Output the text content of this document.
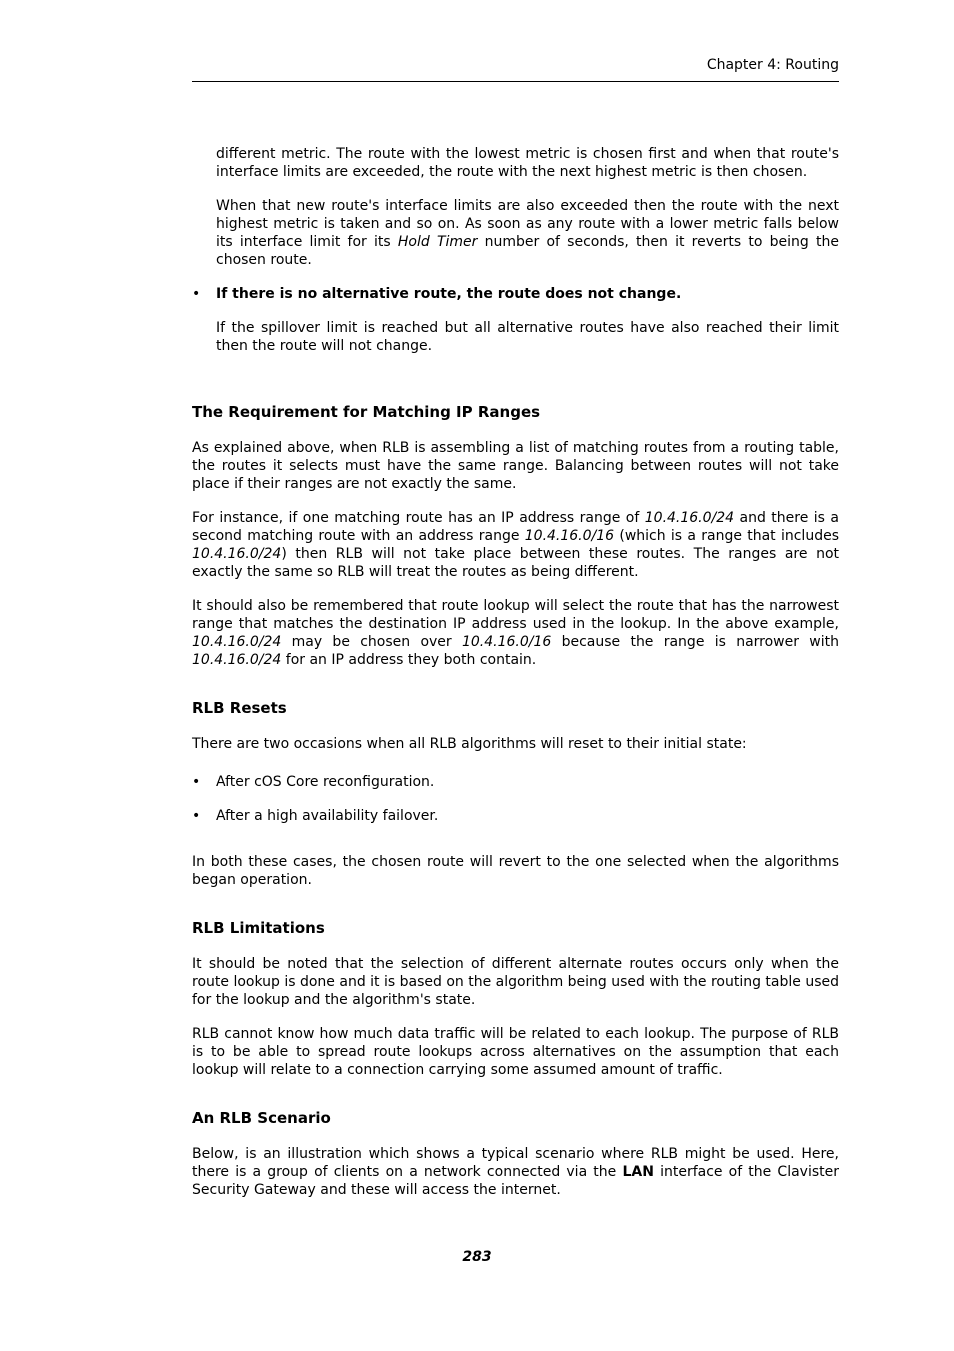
Chapter 4: Routing

different metric. The route with the lowest metric is chosen first and when that route's interface limits are exceeded, the route with the next highest metric is then chosen.

When that new route's interface limits are also exceeded then the route with the next highest metric is taken and so on. As soon as any route with a lower metric falls below its interface limit for its Hold Timer number of seconds, then it reverts to being the chosen route.

• If there is no alternative route, the route does not change.

If the spillover limit is reached but all alternative routes have also reached their limit then the route will not change.

The Requirement for Matching IP Ranges

As explained above, when RLB is assembling a list of matching routes from a routing table, the routes it selects must have the same range. Balancing between routes will not take place if their ranges are not exactly the same.

For instance, if one matching route has an IP address range of 10.4.16.0/24 and there is a second matching route with an address range 10.4.16.0/16 (which is a range that includes 10.4.16.0/24) then RLB will not take place between these routes. The ranges are not exactly the same so RLB will treat the routes as being different.

It should also be remembered that route lookup will select the route that has the narrowest range that matches the destination IP address used in the lookup. In the above example, 10.4.16.0/24 may be chosen over 10.4.16.0/16 because the range is narrower with 10.4.16.0/24 for an IP address they both contain.

RLB Resets

There are two occasions when all RLB algorithms will reset to their initial state:

• After cOS Core reconfiguration.
• After a high availability failover.

In both these cases, the chosen route will revert to the one selected when the algorithms began operation.

RLB Limitations

It should be noted that the selection of different alternate routes occurs only when the route lookup is done and it is based on the algorithm being used with the routing table used for the lookup and the algorithm's state.

RLB cannot know how much data traffic will be related to each lookup. The purpose of RLB is to be able to spread route lookups across alternatives on the assumption that each lookup will relate to a connection carrying some assumed amount of traffic.

An RLB Scenario

Below, is an illustration which shows a typical scenario where RLB might be used. Here, there is a group of clients on a network connected via the LAN interface of the Clavister Security Gateway and these will access the internet.

283
